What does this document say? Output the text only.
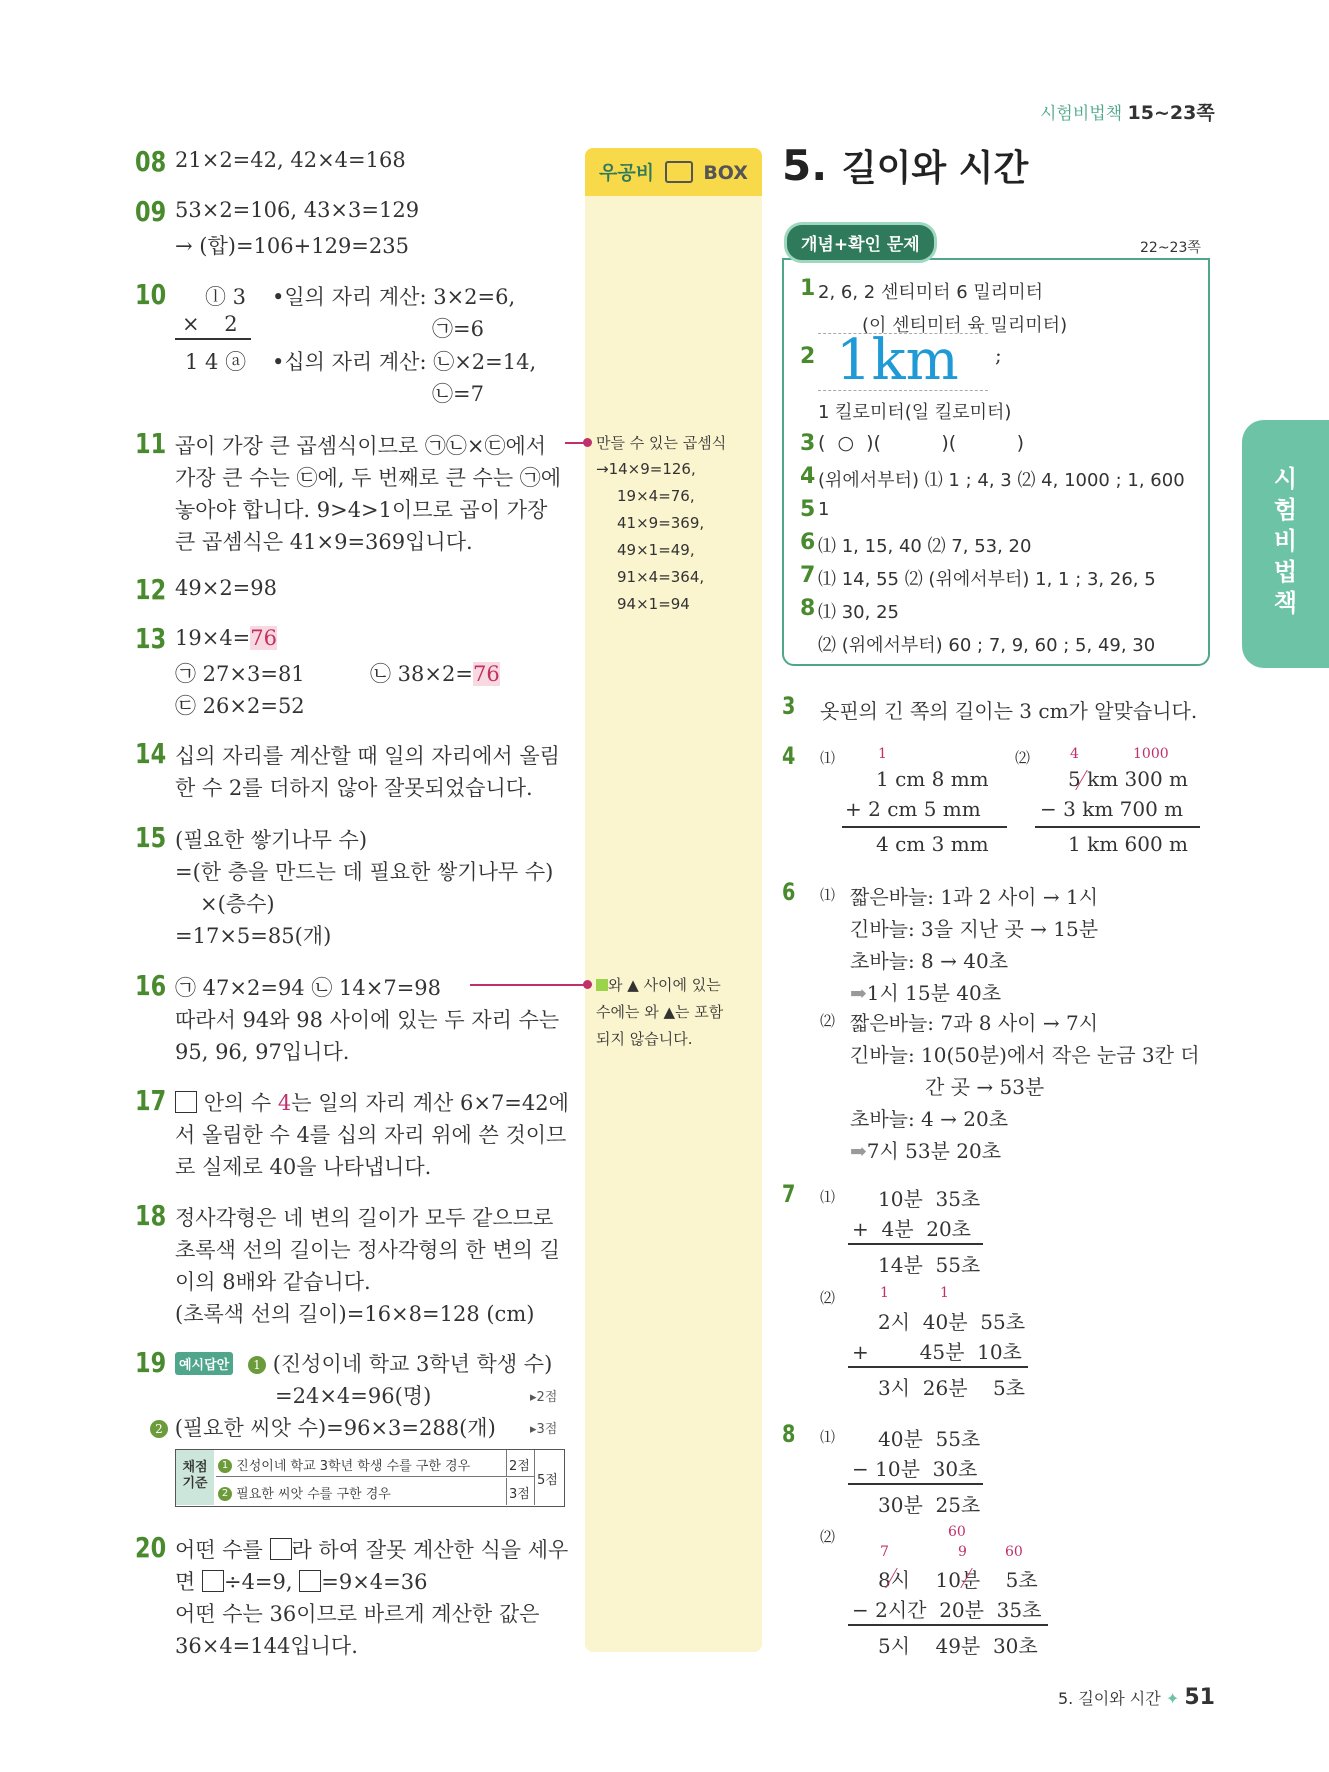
시험비법책 15~23쪽
우공비	BOX
08 21×2=42, 42×4=168
09 53×2=106, 43×3=129
→ (합)=106+129=235
10 ⓛ 3
× 2
1 4 ⓐ
•일의 자리 계산: 3×2=6,
㉠=6
•십의 자리 계산: ㉡×2=14,
㉡=7
11 곱이 가장 큰 곱셈식이므로 ㉠㉡×㉢에서
가장 큰 수는 ㉢에, 두 번째로 큰 수는 ㉠에
놓아야 합니다. 9>4>1이므로 곱이 가장
큰 곱셈식은 41×9=369입니다.
12 49×2=98
13 19×4=76
㉠ 27×3=81	㉡ 38×2=76
㉢ 26×2=52
14 십의 자리를 계산할 때 일의 자리에서 올림
한 수 2를 더하지 않아 잘못되었습니다.
15 (필요한 쌓기나무 수)
=(한 층을 만드는 데 필요한 쌓기나무 수)
×(층수)
=17×5=85(개)
16 ㉠ 47×2=94 ㉡ 14×7=98
따라서 94와 98 사이에 있는 두 자리 수는
95, 96, 97입니다.
17	안의 수 4는 일의 자리 계산 6×7=42에
서 올림한 수 4를 십의 자리 위에 쓴 것이므
로 실제로 40을 나타냅니다.
18 정사각형은 네 변의 길이가 모두 같으므로
초록색 선의 길이는 정사각형의 한 변의 길
이의 8배와 같습니다.
(초록색 선의 길이)=16×8=128 (cm)
19 예시답안	1 (진성이네 학교 3학년 학생 수)
=24×4=96(명)	▸2점
2 (필요한 씨앗 수)=96×3=288(개)	▸3점
채점 기준
1 진성이네 학교 3학년 학생 수를 구한 경우	2점
2 필요한 씨앗 수를 구한 경우	3점
5점
20 어떤 수를 라 하여 잘못 계산한 식을 세우
면 ÷4=9, =9×4=36
어떤 수는 36이므로 바르게 계산한 값은
36×4=144입니다.
만들 수 있는 곱셈식
→14×9=126,
19×4=76,
41×9=369,
49×1=49,
91×4=364,
94×1=94
와 ▲ 사이에 있는
수에는 와 ▲는 포함
되지 않습니다.
5. 길이와 시간
개념+확인 문제	22~23쪽
1 2, 6, 2 센티미터 6 밀리미터
(이 센티미터 육 밀리미터)
2 1km ;
1 킬로미터(일 킬로미터)
3 (  ○  )(          )(          )
4 (위에서부터) ⑴ 1 ; 4, 3 ⑵ 4, 1000 ; 1, 600
5 1
6 ⑴ 1, 15, 40 ⑵ 7, 53, 20
7 ⑴ 14, 55 ⑵ (위에서부터) 1, 1 ; 3, 26, 5
8 ⑴ 30, 25
⑵ (위에서부터) 60 ; 7, 9, 60 ; 5, 49, 30
3 옷핀의 긴 쪽의 길이는 3 cm가 알맞습니다.
4 ⑴	1
1 cm 8 mm
+ 2 cm 5 mm
4 cm 3 mm
⑵	4	1000
5 km 300 m
− 3 km 700 m
1 km 600 m
6 ⑴ 짧은바늘: 1과 2 사이 → 1시
긴바늘: 3을 지난 곳 → 15분
초바늘: 8 → 40초
➡1시 15분 40초
⑵ 짧은바늘: 7과 8 사이 → 7시
긴바늘: 10(50분)에서 작은 눈금 3칸 더
간 곳 → 53분
초바늘: 4 → 20초
➡7시 53분 20초
7 ⑴ 10분  35초
+  4분  20초
14분  55초
⑵	1	1
2시  40분  55초
+        45분  10초
3시  26분    5초
8 ⑴ 40분  55초
− 10분  30초
30분  25초
⑵	60
7	9	60
8시    10분    5초
− 2시간  20분  35초
5시    49분  30초
시
험
비
법
책
5. 길이와 시간 ✦ 51
